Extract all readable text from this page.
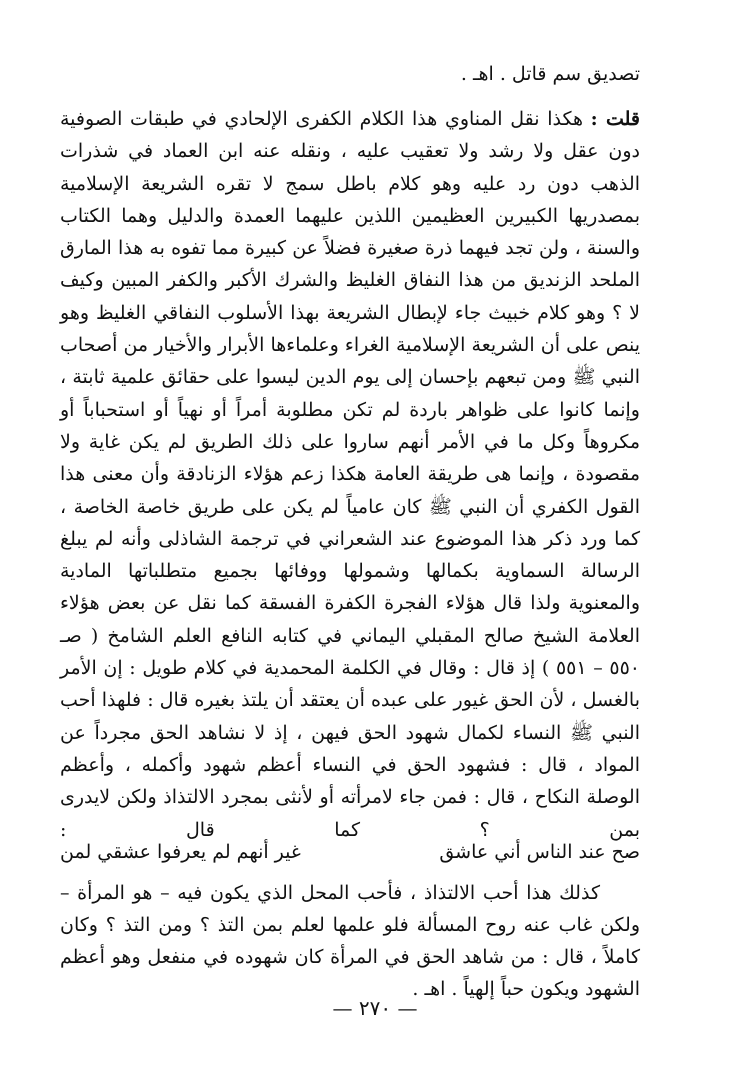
تصديق سم قاتل . اهـ .
قلت : هكذا نقل المناوي هذا الكلام الكفرى الإلحادي في طبقات الصوفية دون عقل ولا رشد ولا تعقيب عليه ، ونقله عنه ابن العماد في شذرات الذهب دون رد عليه وهو كلام باطل سمج لا تقره الشريعة الإسلامية بمصدريها الكبيرين العظيمين اللذين عليهما العمدة والدليل وهما الكتاب والسنة ، ولن تجد فيهما ذرة صغيرة فضلاً عن كبيرة مما تفوه به هذا المارق الملحد الزنديق من هذا النفاق الغليظ والشرك الأكبر والكفر المبين وكيف لا ؟ وهو كلام خبيث جاء لإبطال الشريعة بهذا الأسلوب النفاقي الغليظ وهو ينص على أن الشريعة الإسلامية الغراء وعلماءها الأبرار والأخيار من أصحاب النبي ﷺ ومن تبعهم بإحسان إلى يوم الدين ليسوا على حقائق علمية ثابتة ، وإنما كانوا على ظواهر باردة لم تكن مطلوبة أمراً أو نهياً أو استحباباً أو مكروهاً وكل ما في الأمر أنهم ساروا على ذلك الطريق لم يكن غاية ولا مقصودة ، وإنما هى طريقة العامة هكذا زعم هؤلاء الزنادقة وأن معنى هذا القول الكفري أن النبي ﷺ كان عامياً لم يكن على طريق خاصة الخاصة ، كما ورد ذكر هذا الموضوع عند الشعراني في ترجمة الشاذلى وأنه لم يبلغ الرسالة السماوية بكمالها وشمولها ووفائها بجميع متطلباتها المادية والمعنوية ولذا قال هؤلاء الفجرة الكفرة الفسقة كما نقل عن بعض هؤلاء العلامة الشيخ صالح المقبلي اليماني في كتابه النافع العلم الشامخ ( صـ ٥٥٠ – ٥٥١ ) إذ قال : وقال في الكلمة المحمدية في كلام طويل : إن الأمر بالغسل ، لأن الحق غيور على عبده أن يعتقد أن يلتذ بغيره قال : فلهذا أحب النبي ﷺ النساء لكمال شهود الحق فيهن ، إذ لا نشاهد الحق مجرداً عن المواد ، قال : فشهود الحق في النساء أعظم شهود وأكمله ، وأعظم الوصلة النكاح ، قال : فمن جاء لامرأته أو لأنثى بمجرد الالتذاذ ولكن لايدرى بمن ؟ كما قال :
صح عند الناس أني عاشق
غير أنهم لم يعرفوا عشقي لمن
كذلك هذا أحب الالتذاذ ، فأحب المحل الذي يكون فيه – هو المرأة – ولكن غاب عنه روح المسألة فلو علمها لعلم بمن التذ ؟ ومن التذ ؟ وكان كاملاً ، قال : من شاهد الحق في المرأة كان شهوده في منفعل وهو أعظم الشهود ويكون حباً إلهياً . اهـ .
— ٢٧٠ —
